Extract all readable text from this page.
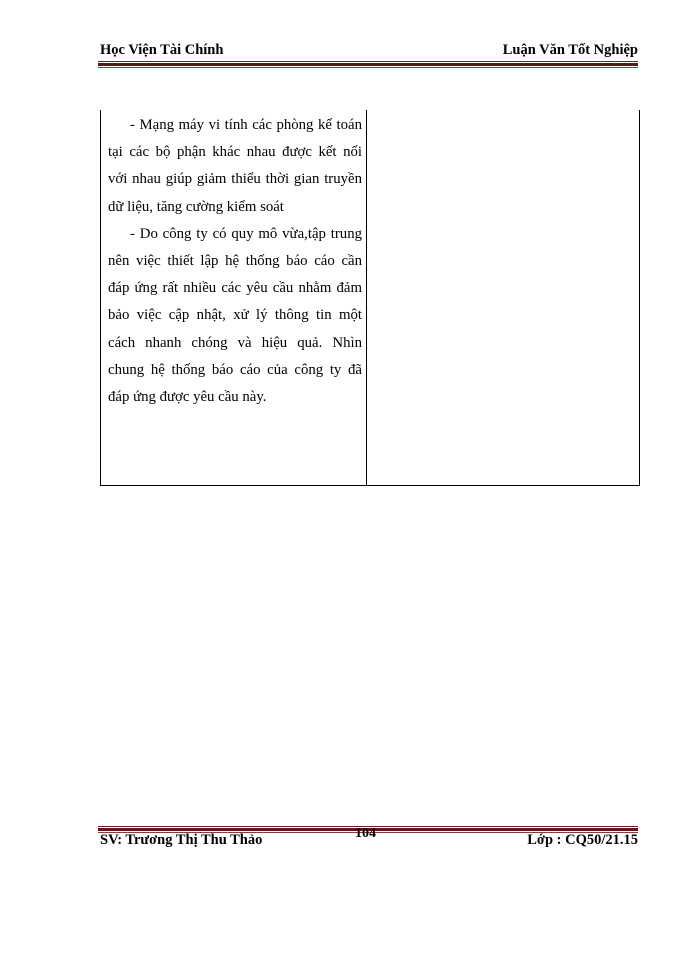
Học Viện Tài Chính	Luận Văn Tốt Nghiệp

- Mạng máy vi tính các phòng kế toán tại các bộ phận khác nhau được kết nối với nhau giúp giảm thiểu thời gian truyền dữ liệu, tăng cường kiểm soát

- Do công ty có quy mô vừa,tập trung nên việc thiết lập hệ thống báo cáo cần đáp ứng rất nhiều các yêu cầu nhằm đảm bảo việc cập nhật, xử lý thông tin một cách nhanh chóng và hiệu quả. Nhìn chung hệ thống báo cáo của công ty đã đáp ứng được yêu cầu này.

SV: Trương Thị Thu Thảo	104	Lớp : CQ50/21.15
